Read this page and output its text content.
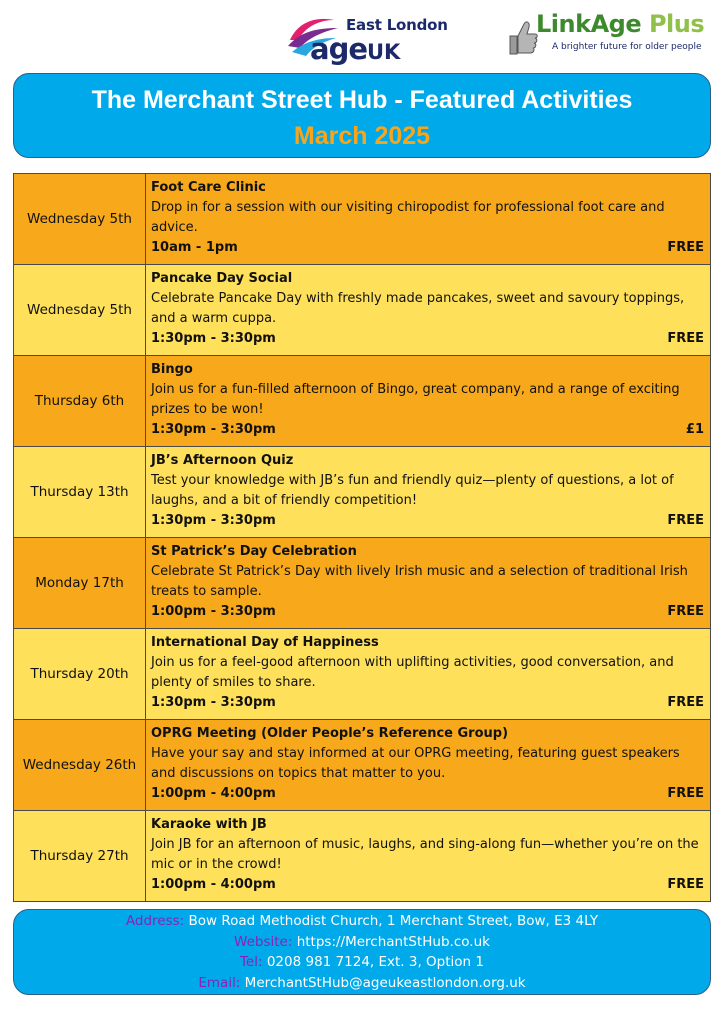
East London
ageUK
LinkAge Plus
A brighter future for older people
The Merchant Street Hub - Featured Activities
March 2025
Wednesday 5th	Foot Care Clinic
Drop in for a session with our visiting chiropodist for professional foot care and advice.
10am - 1pm FREE

Wednesday 5th	Pancake Day Social
Celebrate Pancake Day with freshly made pancakes, sweet and savoury toppings, and a warm cuppa.
1:30pm - 3:30pm FREE

Thursday 6th	Bingo
Join us for a fun-filled afternoon of Bingo, great company, and a range of exciting prizes to be won!
1:30pm - 3:30pm £1

Thursday 13th	JB’s Afternoon Quiz
Test your knowledge with JB’s fun and friendly quiz—plenty of questions, a lot of laughs, and a bit of friendly competition!
1:30pm - 3:30pm FREE

Monday 17th	St Patrick’s Day Celebration
Celebrate St Patrick’s Day with lively Irish music and a selection of traditional Irish treats to sample.
1:00pm - 3:30pm FREE

Thursday 20th	International Day of Happiness
Join us for a feel-good afternoon with uplifting activities, good conversation, and plenty of smiles to share.
1:30pm - 3:30pm FREE

Wednesday 26th	OPRG Meeting (Older People’s Reference Group)
Have your say and stay informed at our OPRG meeting, featuring guest speakers and discussions on topics that matter to you.
1:00pm - 4:00pm FREE

Thursday 27th	Karaoke with JB
Join JB for an afternoon of music, laughs, and sing-along fun—whether you’re on the mic or in the crowd!
1:00pm - 4:00pm FREE
Address: Bow Road Methodist Church, 1 Merchant Street, Bow, E3 4LY
Website: https://MerchantStHub.co.uk
Tel: 0208 981 7124, Ext. 3, Option 1
Email: MerchantStHub@ageukeastlondon.org.uk
